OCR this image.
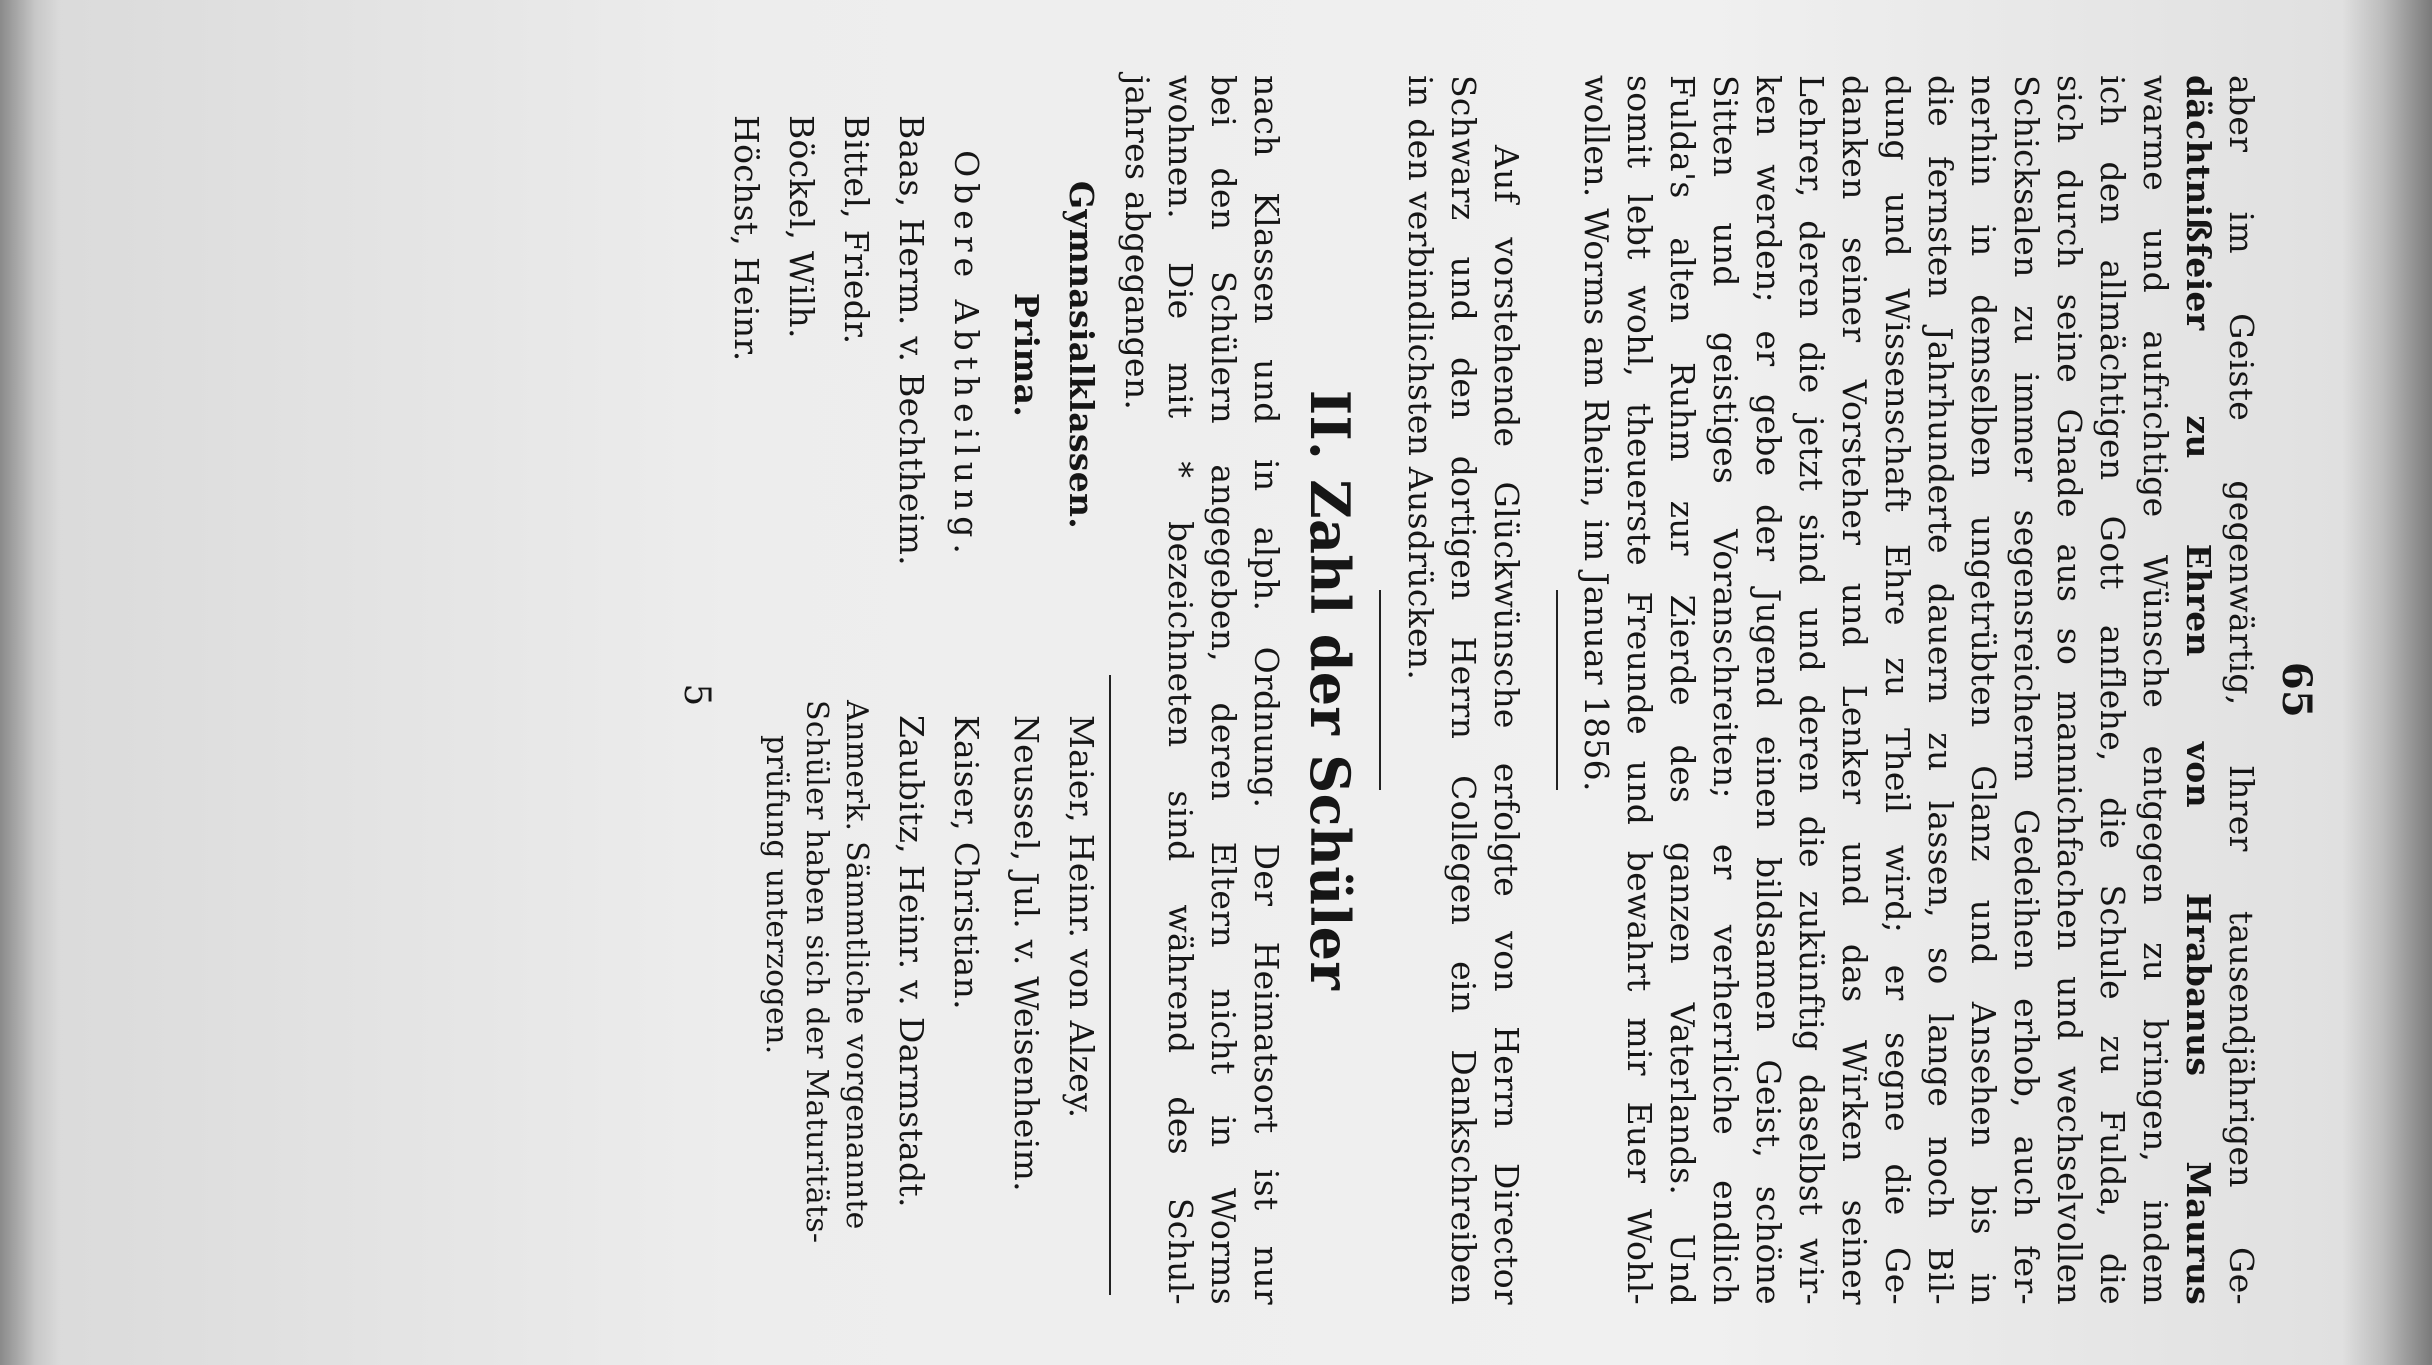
65
aber im Geiste gegenwärtig, Ihrer tausendjährigen Ge-
dächtnißfeier zu Ehren von Hrabanus Maurus
warme und aufrichtige Wünsche entgegen zu bringen, indem
ich den allmächtigen Gott anflehe, die Schule zu Fulda, die
sich durch seine Gnade aus so mannichfachen und wechselvollen
Schicksalen zu immer segensreicherm Gedeihen erhob, auch fer-
nerhin in demselben ungetrübten Glanz und Ansehen bis in
die fernsten Jahrhunderte dauern zu lassen, so lange noch Bil-
dung und Wissenschaft Ehre zu Theil wird; er segne die Ge-
danken seiner Vorsteher und Lenker und das Wirken seiner
Lehrer, deren die jetzt sind und deren die zukünftig daselbst wir-
ken werden; er gebe der Jugend einen bildsamen Geist, schöne
Sitten und geistiges Voranschreiten; er verherrliche endlich
Fulda's alten Ruhm zur Zierde des ganzen Vaterlands. Und
somit lebt wohl, theuerste Freunde und bewahrt mir Euer Wohl-
wollen. Worms am Rhein, im Januar 1856.
Auf vorstehende Glückwünsche erfolgte von Herrn Director
Schwarz und den dortigen Herrn Collegen ein Dankschreiben
in den verbindlichsten Ausdrücken.
II. Zahl der Schüler
nach Klassen und in alph. Ordnung. Der Heimatsort ist nur
bei den Schülern angegeben, deren Eltern nicht in Worms
wohnen. Die mit * bezeichneten sind während des Schul-
jahres abgegangen.
Gymnasialklassen.
Prima.
Obere Abtheilung.
Baas, Herm. v. Bechtheim.
Bittel, Friedr.
Böckel, Wilh.
Höchst, Heinr.
Maier, Heinr. von Alzey.
Neussel, Jul. v. Weisenheim.
Kaiser, Christian.
Zaubitz, Heinr. v. Darmstadt.
Anmerk. Sämmtliche vorgenannte
Schüler haben sich der Maturitäts-
prüfung unterzogen.
5
